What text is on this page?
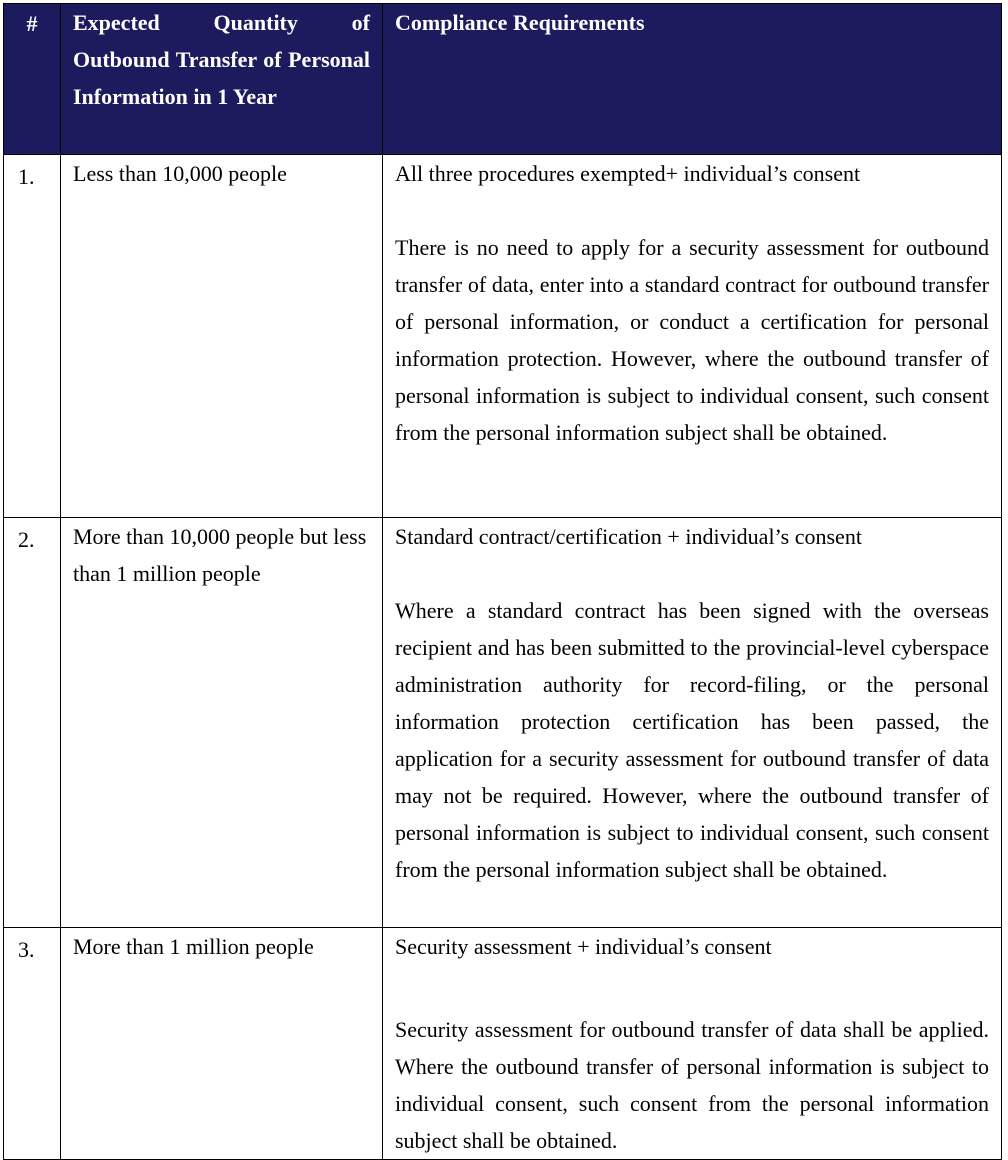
#	Expected Quantity of Outbound Transfer of Personal Information in 1 Year	Compliance Requirements
1.	Less than 10,000 people	All three procedures exempted+ individual’s consent

There is no need to apply for a security assessment for outbound transfer of data, enter into a standard contract for outbound transfer of personal information, or conduct a certification for personal information protection. However, where the outbound transfer of personal information is subject to individual consent, such consent from the personal information subject shall be obtained.

2.	More than 10,000 people but less than 1 million people	Standard contract/certification + individual’s consent

Where a standard contract has been signed with the overseas recipient and has been submitted to the provincial-level cyberspace administration authority for record-filing, or the personal information protection certification has been passed, the application for a security assessment for outbound transfer of data may not be required. However, where the outbound transfer of personal information is subject to individual consent, such consent from the personal information subject shall be obtained.

3.	More than 1 million people	Security assessment + individual’s consent

Security assessment for outbound transfer of data shall be applied. Where the outbound transfer of personal information is subject to individual consent, such consent from the personal information subject shall be obtained.
